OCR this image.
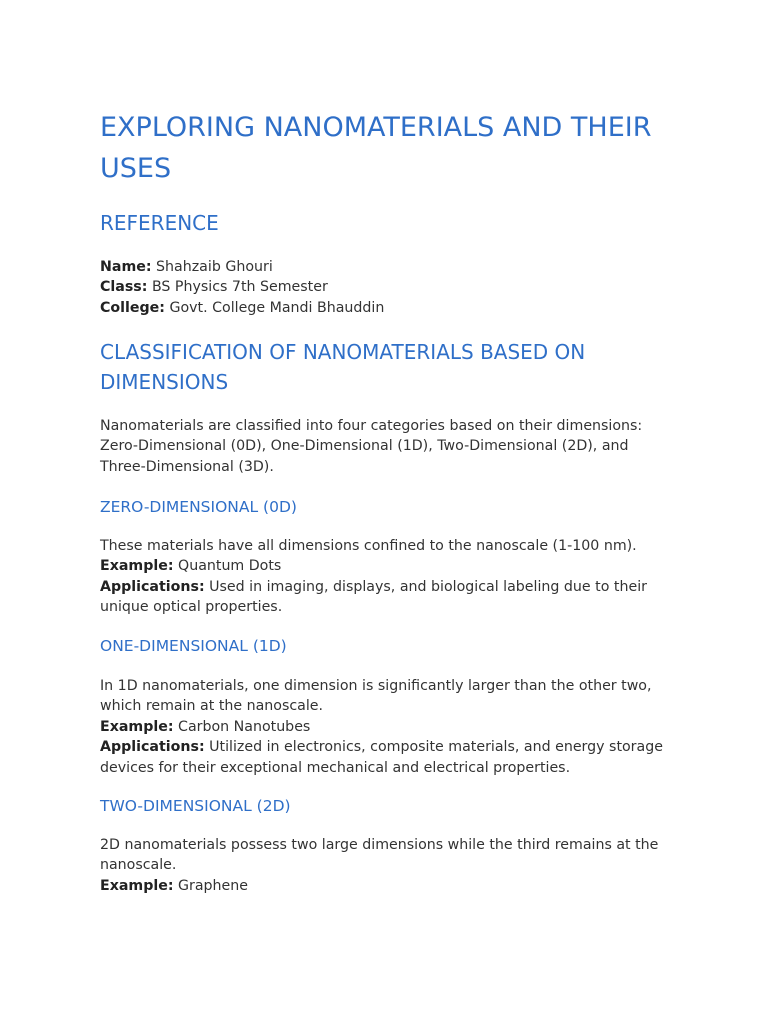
EXPLORING NANOMATERIALS AND THEIR USES
REFERENCE
Name: Shahzaib Ghouri
Class: BS Physics 7th Semester
College: Govt. College Mandi Bhauddin
CLASSIFICATION OF NANOMATERIALS BASED ON DIMENSIONS

Nanomaterials are classified into four categories based on their dimensions: Zero-Dimensional (0D), One-Dimensional (1D), Two-Dimensional (2D), and Three-Dimensional (3D).

ZERO-DIMENSIONAL (0D)
These materials have all dimensions confined to the nanoscale (1-100 nm).
Example: Quantum Dots
Applications: Used in imaging, displays, and biological labeling due to their unique optical properties.
ONE-DIMENSIONAL (1D)
In 1D nanomaterials, one dimension is significantly larger than the other two, which remain at the nanoscale.
Example: Carbon Nanotubes
Applications: Utilized in electronics, composite materials, and energy storage devices for their exceptional mechanical and electrical properties.
TWO-DIMENSIONAL (2D)
2D nanomaterials possess two large dimensions while the third remains at the nanoscale.
Example: Graphene
